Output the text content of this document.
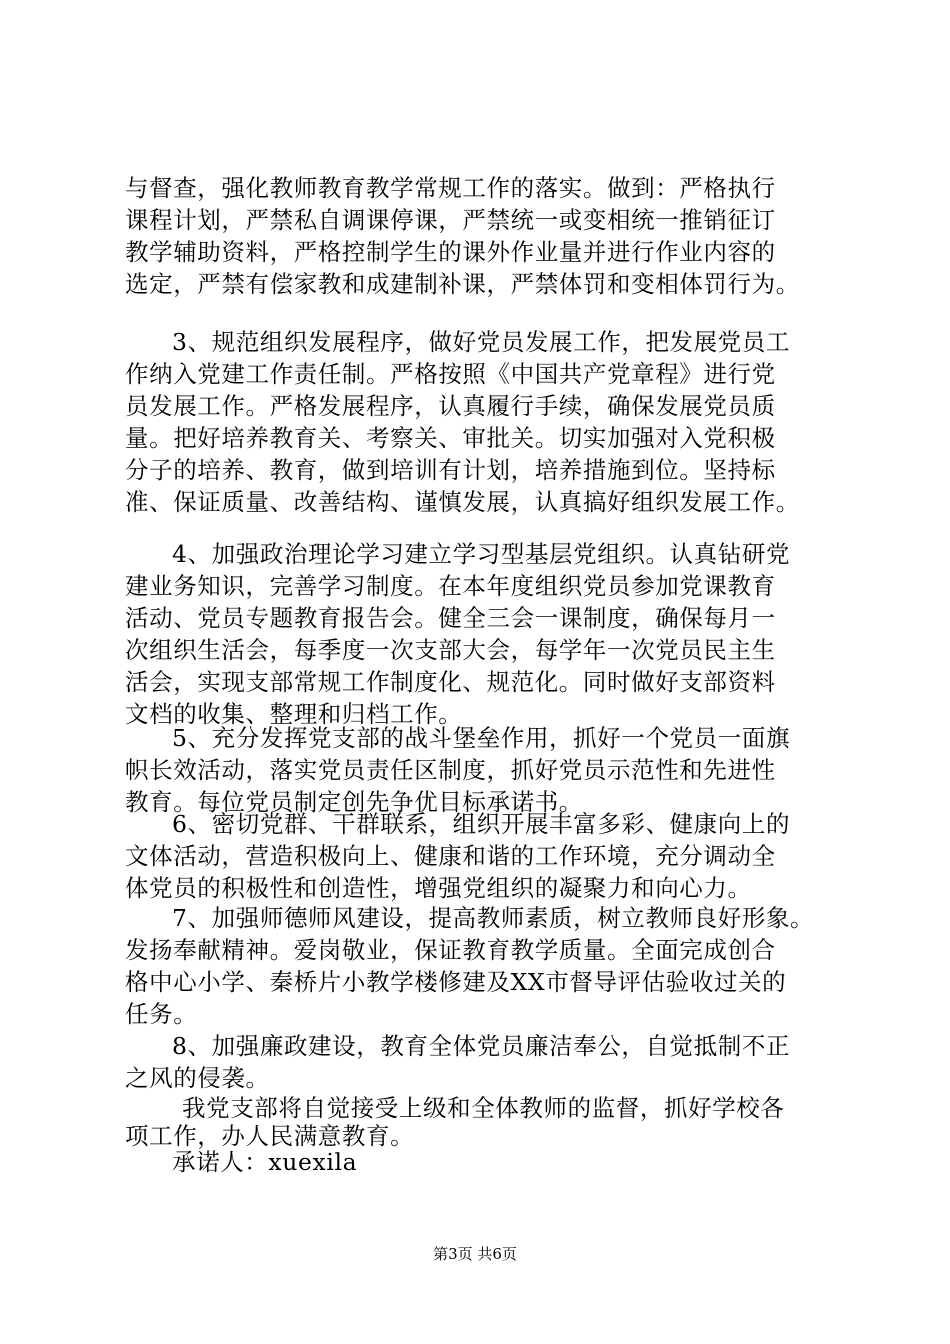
与督查，强化教师教育教学常规工作的落实。做到：严格执行
课程计划，严禁私自调课停课，严禁统一或变相统一推销征订
教学辅助资料，严格控制学生的课外作业量并进行作业内容的
选定，严禁有偿家教和成建制补课，严禁体罚和变相体罚行为。
3、规范组织发展程序，做好党员发展工作，把发展党员工
作纳入党建工作责任制。严格按照《中国共产党章程》进行党
员发展工作。严格发展程序，认真履行手续，确保发展党员质
量。把好培养教育关、考察关、审批关。切实加强对入党积极
分子的培养、教育，做到培训有计划，培养措施到位。坚持标
准、保证质量、改善结构、谨慎发展，认真搞好组织发展工作。
4、加强政治理论学习建立学习型基层党组织。认真钻研党
建业务知识，完善学习制度。在本年度组织党员参加党课教育
活动、党员专题教育报告会。健全三会一课制度，确保每月一
次组织生活会，每季度一次支部大会，每学年一次党员民主生
活会，实现支部常规工作制度化、规范化。同时做好支部资料
文档的收集、整理和归档工作。
5、充分发挥党支部的战斗堡垒作用，抓好一个党员一面旗
帜长效活动，落实党员责任区制度，抓好党员示范性和先进性
教育。每位党员制定创先争优目标承诺书。
6、密切党群、干群联系，组织开展丰富多彩、健康向上的
文体活动，营造积极向上、健康和谐的工作环境，充分调动全
体党员的积极性和创造性，增强党组织的凝聚力和向心力。
7、加强师德师风建设，提高教师素质，树立教师良好形象。
发扬奉献精神。爱岗敬业，保证教育教学质量。全面完成创合
格中心小学、秦桥片小教学楼修建及XX市督导评估验收过关的
任务。
8、加强廉政建设，教育全体党员廉洁奉公，自觉抵制不正
之风的侵袭。
我党支部将自觉接受上级和全体教师的监督，抓好学校各
项工作，办人民满意教育。
承诺人：xuexila
第3页 共6页
